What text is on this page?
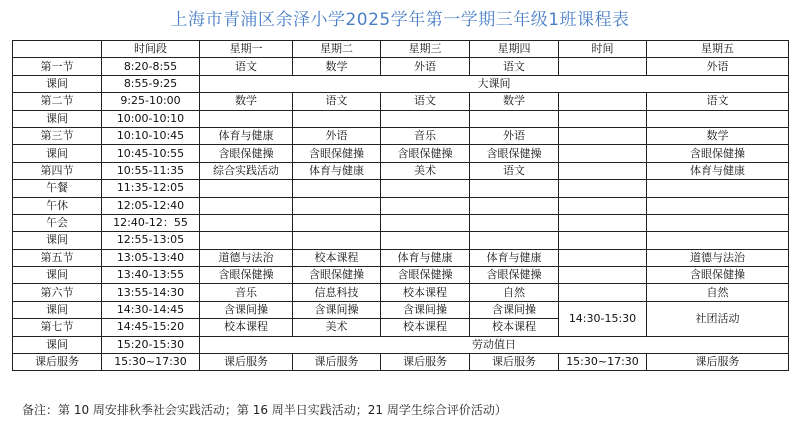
上海市青浦区余泽小学2025学年第一学期三年级1班课程表
	时间段	星期一	星期二	星期三	星期四	时间	星期五
第一节	8:20-8:55	语文	数学	外语	语文		外语
课间	8:55-9:25	大课间					
第二节	9:25-10:00	数学	语文	语文	数学		语文
课间	10:00-10:10						
第三节	10:10-10:45	体育与健康	外语	音乐	外语		数学
课间	10:45-10:55	含眼保健操	含眼保健操	含眼保健操	含眼保健操		含眼保健操
第四节	10:55-11:35	综合实践活动	体育与健康	美术	语文		体育与健康
午餐	11:35-12:05						
午休	12:05-12:40						
午会	12:40-12：55						
课间	12:55-13:05						
第五节	13:05-13:40	道德与法治	校本课程	体育与健康	体育与健康		道德与法治
课间	13:40-13:55	含眼保健操	含眼保健操	含眼保健操	含眼保健操		含眼保健操
第六节	13:55-14:30	音乐	信息科技	校本课程	自然		自然
课间	14:30-14:45	含课间操	含课间操	含课间操	含课间操	14:30-15:30	社团活动
第七节	14:45-15:20	校本课程	美术	校本课程	校本课程		
课间	15:20-15:30	劳动值日					
课后服务	15:30~17:30	课后服务	课后服务	课后服务	课后服务	15:30~17:30	课后服务
备注：第 10 周安排秋季社会实践活动；第 16 周半日实践活动；21 周学生综合评价活动）
